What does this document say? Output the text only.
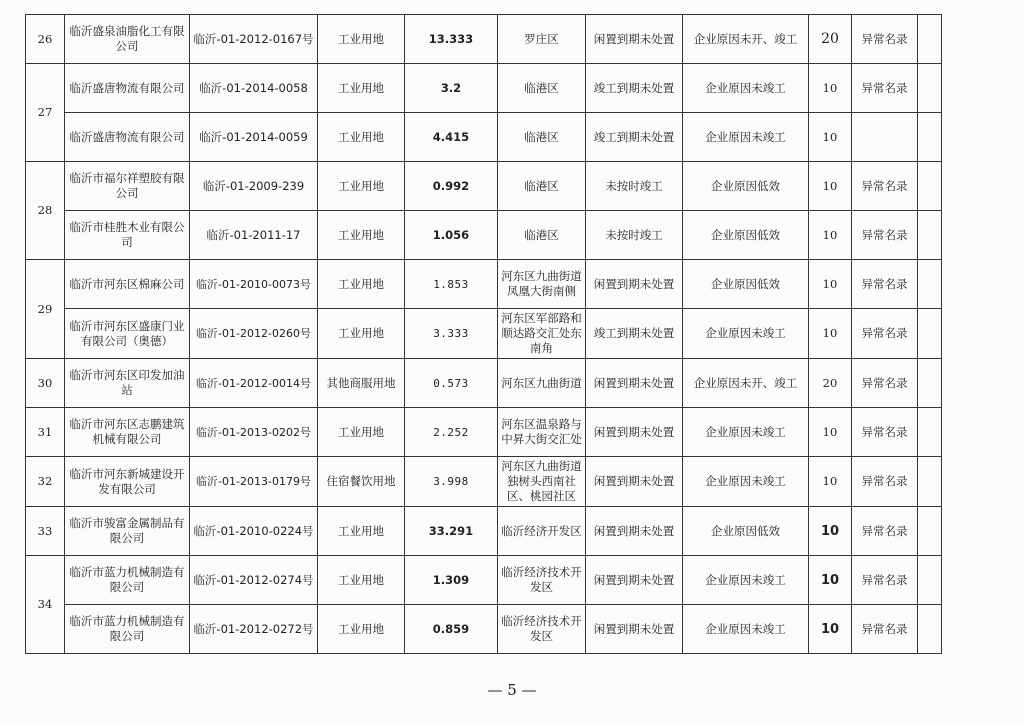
26	临沂盛泉油脂化工有限公司	临沂-01-2012-0167号	工业用地	13.333	罗庄区	闲置到期未处置	企业原因未开、竣工	20	异常名录	
27	临沂盛唐物流有限公司	临沂-01-2014-0058	工业用地	3.2	临港区	竣工到期未处置	企业原因未竣工	10	异常名录	
	临沂盛唐物流有限公司	临沂-01-2014-0059	工业用地	4.415	临港区	竣工到期未处置	企业原因未竣工	10		
28	临沂市福尔祥塑胶有限公司	临沂-01-2009-239	工业用地	0.992	临港区	未按时竣工	企业原因低效	10	异常名录	
	临沂市桂胜木业有限公司	临沂-01-2011-17	工业用地	1.056	临港区	未按时竣工	企业原因低效	10	异常名录	
29	临沂市河东区棉麻公司	临沂-01-2010-0073号	工业用地	1.853	河东区九曲街道凤凰大街南侧	闲置到期未处置	企业原因低效	10	异常名录	
	临沂市河东区盛康门业有限公司（奥德）	临沂-01-2012-0260号	工业用地	3.333	河东区军部路和顺达路交汇处东南角	竣工到期未处置	企业原因未竣工	10	异常名录	
30	临沂市河东区印发加油站	临沂-01-2012-0014号	其他商服用地	0.573	河东区九曲街道	闲置到期未处置	企业原因未开、竣工	20	异常名录	
31	临沂市河东区志鹏建筑机械有限公司	临沂-01-2013-0202号	工业用地	2.252	河东区温泉路与中昇大街交汇处	闲置到期未处置	企业原因未竣工	10	异常名录	
32	临沂市河东新城建设开发有限公司	临沂-01-2013-0179号	住宿餐饮用地	3.998	河东区九曲街道独树头西南社区、桃园社区	闲置到期未处置	企业原因未竣工	10	异常名录	
33	临沂市骏富金属制品有限公司	临沂-01-2010-0224号	工业用地	33.291	临沂经济开发区	闲置到期未处置	企业原因低效	10	异常名录	
34	临沂市蓝力机械制造有限公司	临沂-01-2012-0274号	工业用地	1.309	临沂经济技术开发区	闲置到期未处置	企业原因未竣工	10	异常名录	
	临沂市蓝力机械制造有限公司	临沂-01-2012-0272号	工业用地	0.859	临沂经济技术开发区	闲置到期未处置	企业原因未竣工	10	异常名录	
— 5 —
